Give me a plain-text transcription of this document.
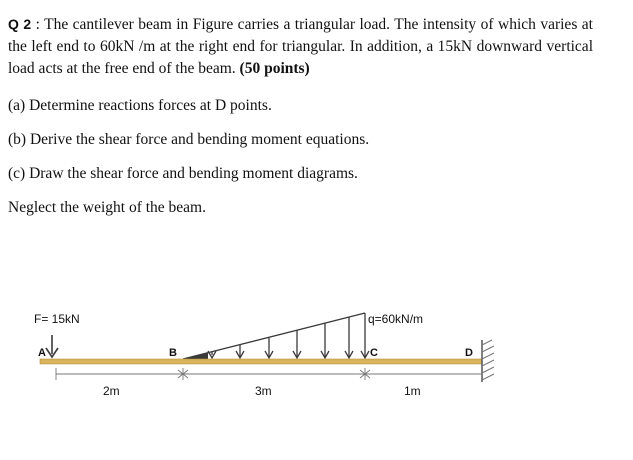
Q 2 : The cantilever beam in Figure carries a triangular load. The intensity of which varies at the left end to 60kN /m at the right end for triangular. In addition, a 15kN downward vertical load acts at the free end of the beam. (50 points)
(a) Determine reactions forces at D points.
(b) Derive the shear force and bending moment equations.
(c) Draw the shear force and bending moment diagrams.
Neglect the weight of the beam.
F= 15kN	q=60kN/m
A	B	C	D
2m	3m	1m
